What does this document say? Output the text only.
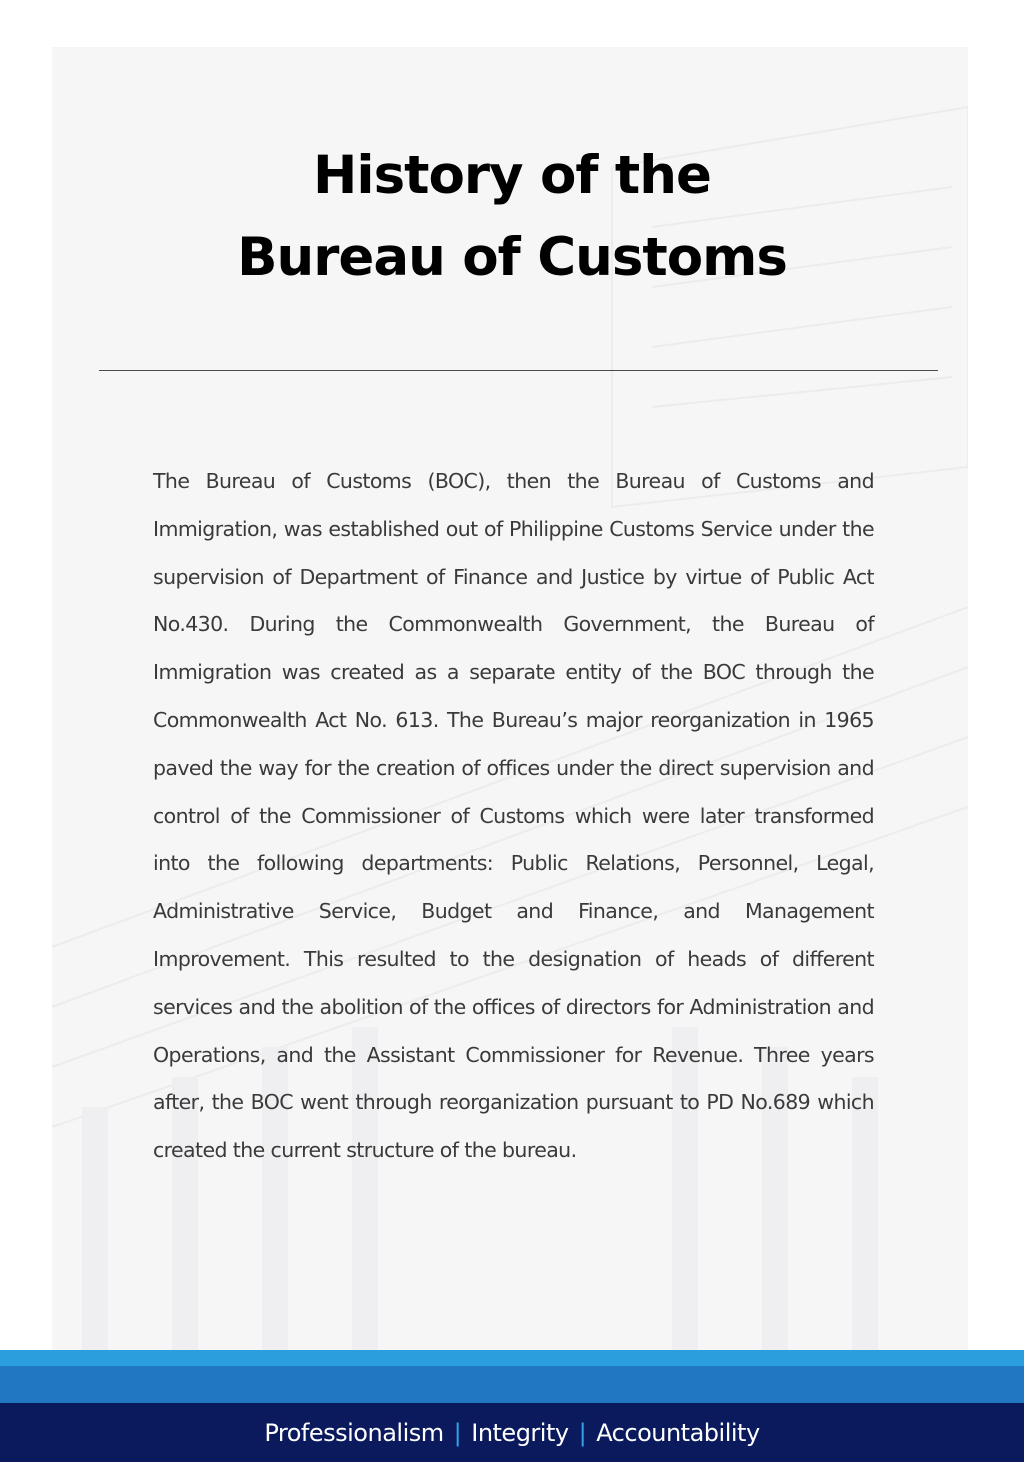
History of the
Bureau of Customs

The Bureau of Customs (BOC), then the Bureau of Customs and Immigration, was established out of Philippine Customs Service under the supervision of Department of Finance and Justice by virtue of Public Act No.430. During the Commonwealth Government, the Bureau of Immigration was created as a separate entity of the BOC through the Commonwealth Act No. 613. The Bureau’s major reorganization in 1965 paved the way for the creation of offices under the direct supervision and control of the Commissioner of Customs which were later transformed into the following departments: Public Relations, Personnel, Legal, Administrative Service, Budget and Finance, and Management Improvement. This resulted to the designation of heads of different services and the abolition of the offices of directors for Administration and Operations, and the Assistant Commissioner for Revenue. Three years after, the BOC went through reorganization pursuant to PD No.689 which created the current structure of the bureau.

Professionalism | Integrity | Accountability
